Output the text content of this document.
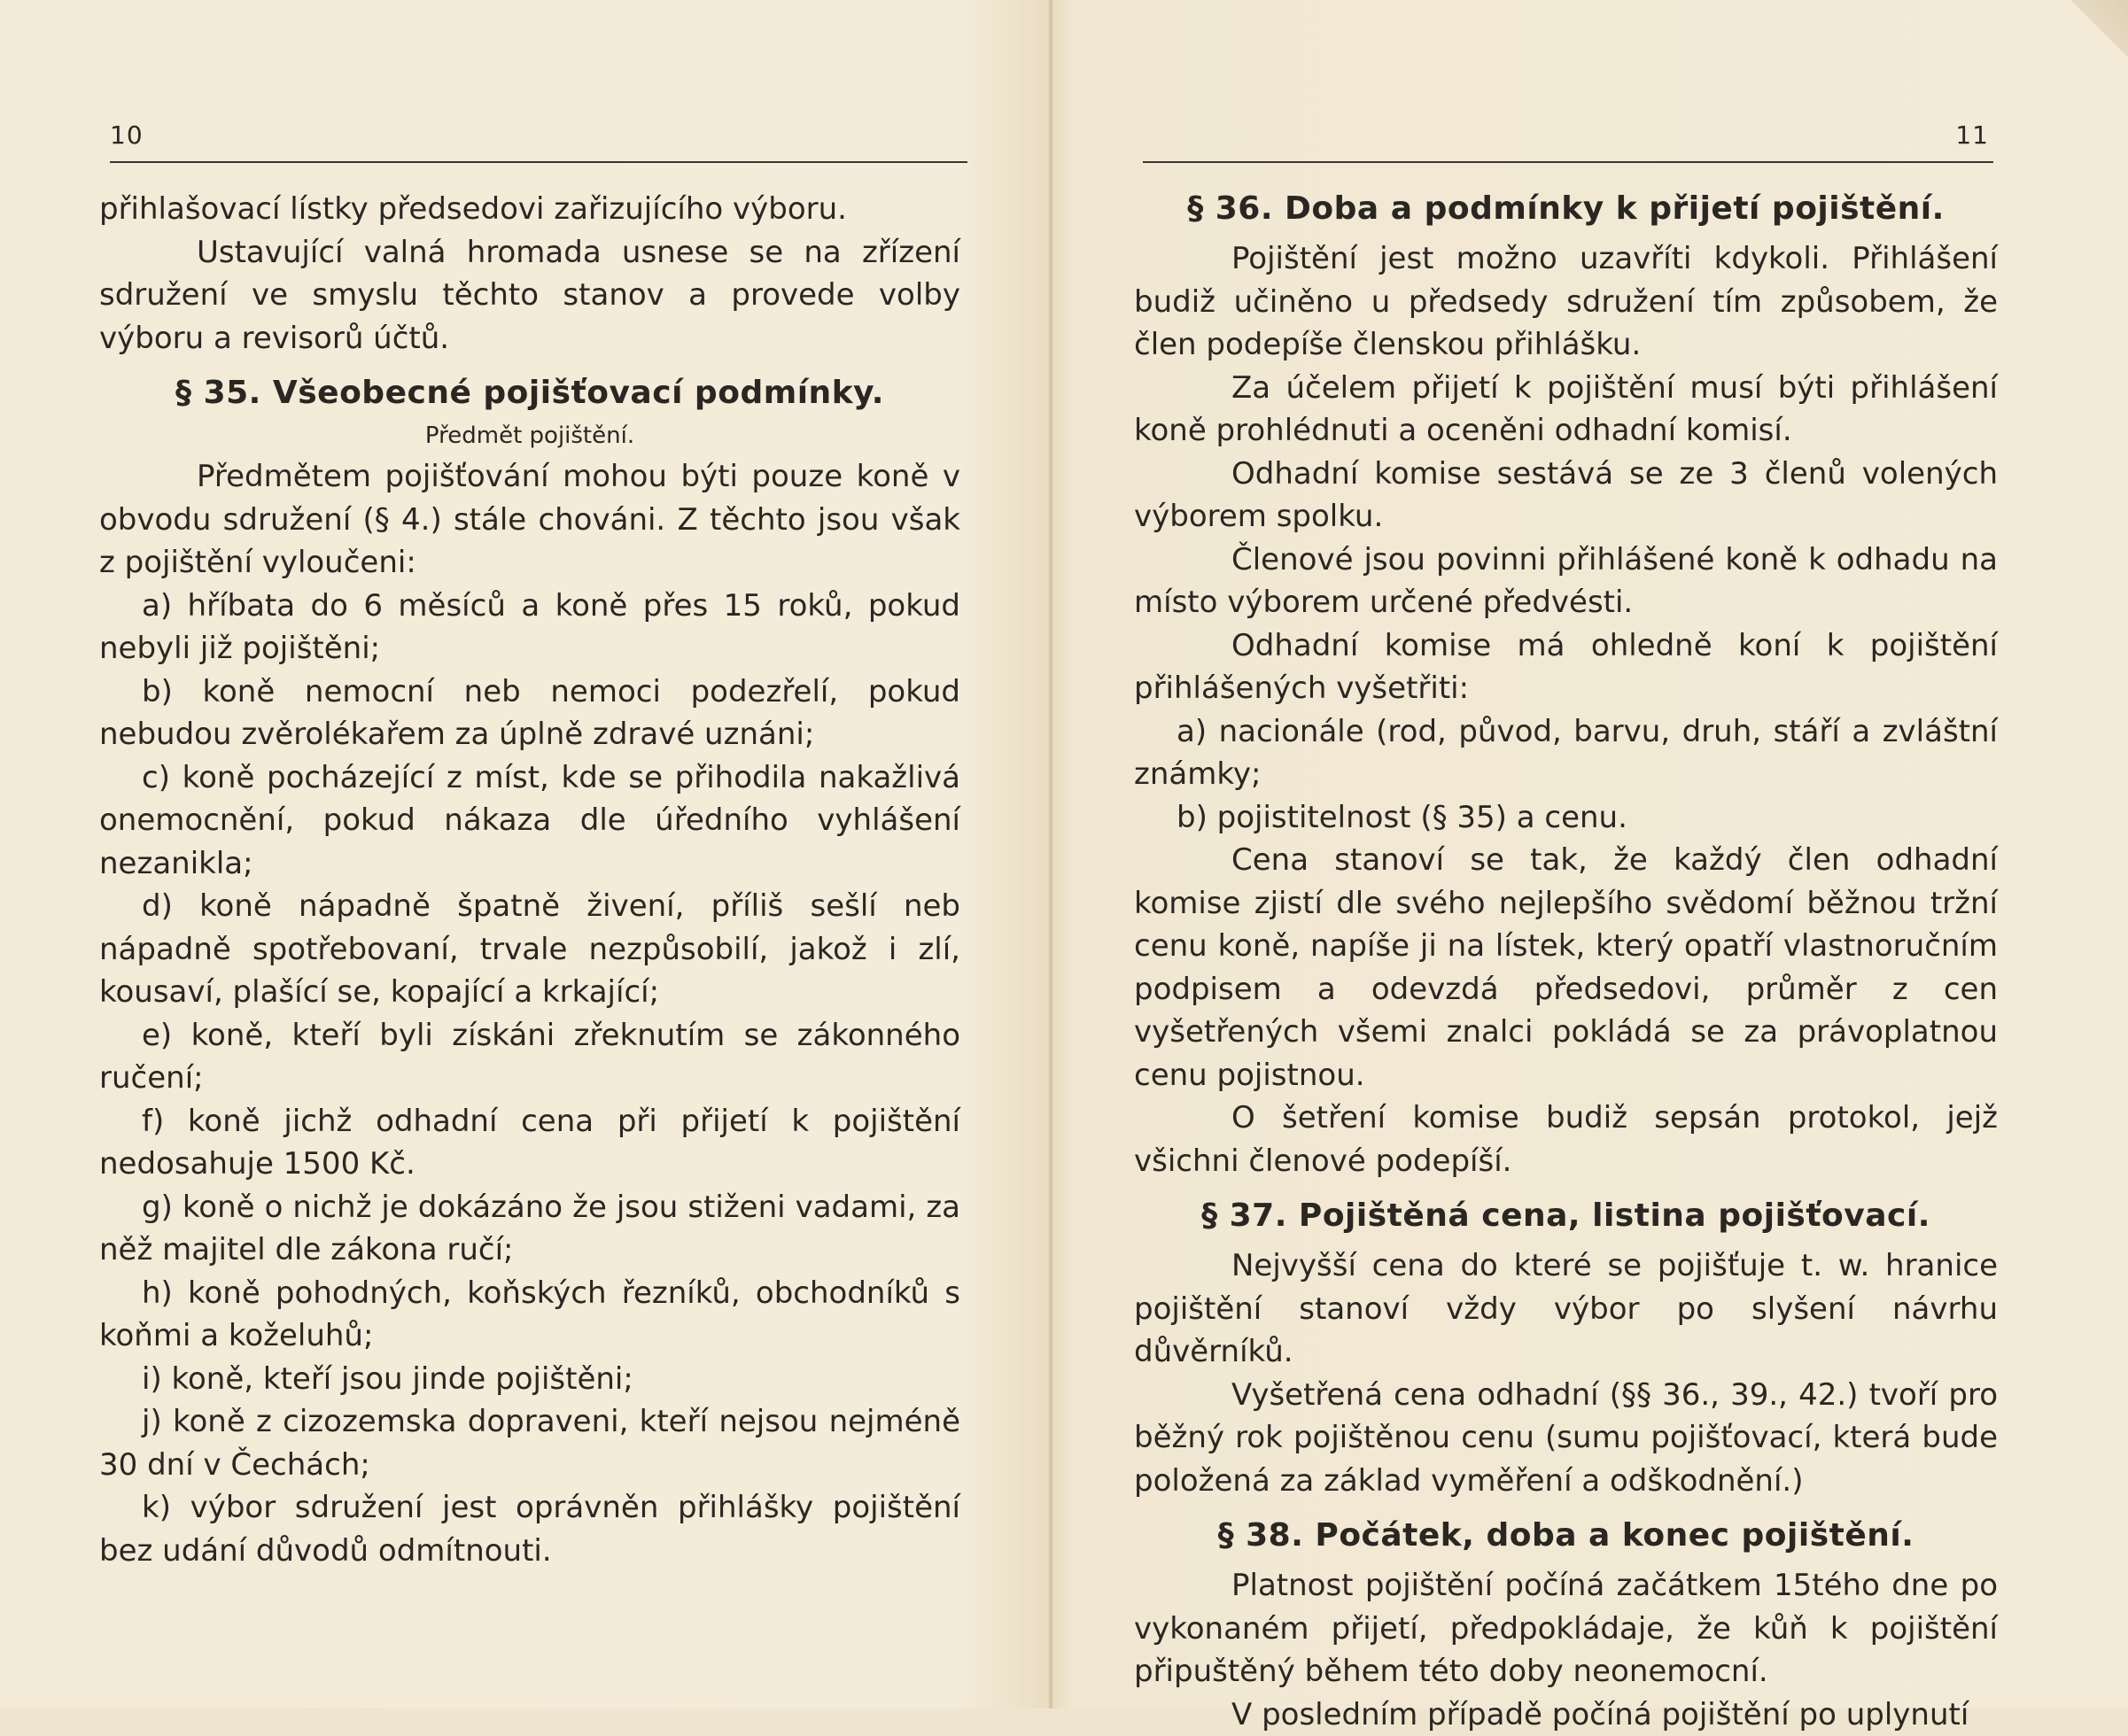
10

přihlašovací lístky předsedovi zařizujícího výboru.

Ustavující valná hromada usnese se na zřízení sdružení ve smyslu těchto stanov a provede volby výboru a revisorů účtů.

§ 35. Všeobecné pojišťovací podmínky.
Předmět pojištění.

Předmětem pojišťování mohou býti pouze koně v obvodu sdružení (§ 4.) stále chováni. Z těchto jsou však z pojištění vyloučeni:

a) hříbata do 6 měsíců a koně přes 15 roků, pokud nebyli již pojištěni;

b) koně nemocní neb nemoci podezřelí, pokud nebudou zvěrolékařem za úplně zdravé uznáni;

c) koně pocházející z míst, kde se přihodila nakažlivá onemocnění, pokud nákaza dle úředního vyhlášení nezanikla;

d) koně nápadně špatně živení, příliš sešlí neb nápadně spotřebovaní, trvale nezpůsobilí, jakož i zlí, kousaví, plašící se, kopající a krkající;

e) koně, kteří byli získáni zřeknutím se zákonného ručení;

f) koně jichž odhadní cena při přijetí k pojištění nedosahuje 1500 Kč.

g) koně o nichž je dokázáno že jsou stiženi vadami, za něž majitel dle zákona ručí;

h) koně pohodných, koňských řezníků, obchodníků s koňmi a koželuhů;

i) koně, kteří jsou jinde pojištěni;

j) koně z cizozemska dopraveni, kteří nejsou nejméně 30 dní v Čechách;

k) výbor sdružení jest oprávněn přihlášky pojištění bez udání důvodů odmítnouti.

11
§ 36. Doba a podmínky k přijetí pojištění.

Pojištění jest možno uzavříti kdykoli. Přihlášení budiž učiněno u předsedy sdružení tím způsobem, že člen podepíše členskou přihlášku.

Za účelem přijetí k pojištění musí býti přihlášení koně prohlédnuti a oceněni odhadní komisí.

Odhadní komise sestává se ze 3 členů volených výborem spolku.

Členové jsou povinni přihlášené koně k odhadu na místo výborem určené předvésti.

Odhadní komise má ohledně koní k pojištění přihlášených vyšetřiti:

a) nacionále (rod, původ, barvu, druh, stáří a zvláštní známky;

b) pojistitelnost (§ 35) a cenu.

Cena stanoví se tak, že každý člen odhadní komise zjistí dle svého nejlepšího svědomí běžnou tržní cenu koně, napíše ji na lístek, který opatří vlastnoručním podpisem a odevzdá předsedovi, průměr z cen vyšetřených všemi znalci pokládá se za právoplatnou cenu pojistnou.

O šetření komise budiž sepsán protokol, jejž všichni členové podepíší.

§ 37. Pojištěná cena, listina pojišťovací.

Nejvyšší cena do které se pojišťuje t. w. hranice pojištění stanoví vždy výbor po slyšení návrhu důvěrníků.

Vyšetřená cena odhadní (§§ 36., 39., 42.) tvoří pro běžný rok pojištěnou cenu (sumu pojišťovací, která bude položená za základ vyměření a odškodnění.)

§ 38. Počátek, doba a konec pojištění.

Platnost pojištění počíná začátkem 15tého dne po vykonaném přijetí, předpokládaje, že kůň k pojištění připuštěný během této doby neonemocní.

V posledním případě počíná pojištění po uplynutí
